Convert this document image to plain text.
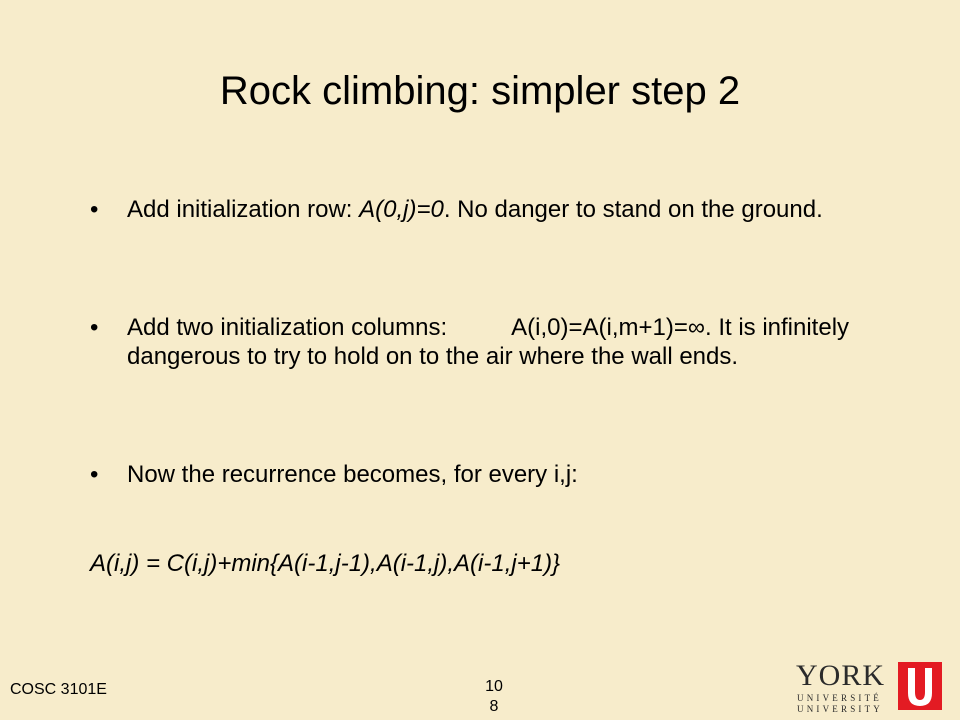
Rock climbing: simpler step 2
• Add initialization row: A(0,j)=0. No danger to stand on the ground.
• Add two initialization columns:	A(i,0)=A(i,m+1)=∞. It is infinitely dangerous to try to hold on to the air where the wall ends.
• Now the recurrence becomes, for every i,j:
A(i,j) = C(i,j)+min{A(i-1,j-1),A(i-1,j),A(i-1,j+1)}
COSC 3101E	10
8
YORK
UNIVERSITÉ
UNIVERSITY
